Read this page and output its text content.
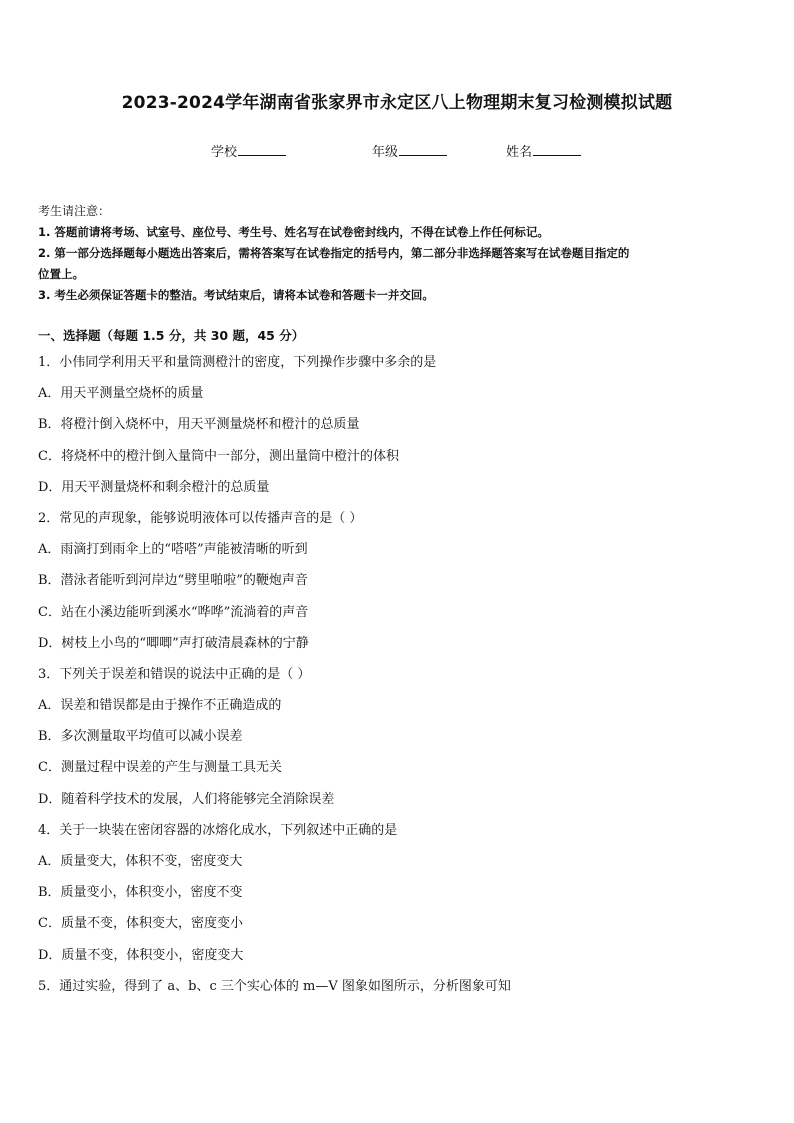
2023-2024学年湖南省张家界市永定区八上物理期末复习检测模拟试题
学校	年级	姓名
考生请注意：
1. 答题前请将考场、试室号、座位号、考生号、姓名写在试卷密封线内，不得在试卷上作任何标记。
2. 第一部分选择题每小题选出答案后，需将答案写在试卷指定的括号内，第二部分非选择题答案写在试卷题目指定的
位置上。
3. 考生必须保证答题卡的整洁。考试结束后，请将本试卷和答题卡一并交回。
一、选择题（每题 1.5 分，共 30 题，45 分）
1．小伟同学利用天平和量筒测橙汁的密度，下列操作步骤中多余的是
A．用天平测量空烧杯的质量
B．将橙汁倒入烧杯中，用天平测量烧杯和橙汁的总质量
C．将烧杯中的橙汁倒入量筒中一部分，测出量筒中橙汁的体积
D．用天平测量烧杯和剩余橙汁的总质量
2．常见的声现象，能够说明液体可以传播声音的是（ ）
A．雨滴打到雨伞上的“嗒嗒”声能被清晰的听到
B．潜泳者能听到河岸边“劈里啪啦”的鞭炮声音
C．站在小溪边能听到溪水“哗哗”流淌着的声音
D．树枝上小鸟的“唧唧”声打破清晨森林的宁静
3．下列关于误差和错误的说法中正确的是（ ）
A．误差和错误都是由于操作不正确造成的
B．多次测量取平均值可以减小误差
C．测量过程中误差的产生与测量工具无关
D．随着科学技术的发展，人们将能够完全消除误差
4．关于一块装在密闭容器的冰熔化成水，下列叙述中正确的是
A．质量变大，体积不变，密度变大
B．质量变小，体积变小，密度不变
C．质量不变，体积变大，密度变小
D．质量不变，体积变小，密度变大
5．通过实验，得到了 a、b、c 三个实心体的 m—V 图象如图所示，分析图象可知
